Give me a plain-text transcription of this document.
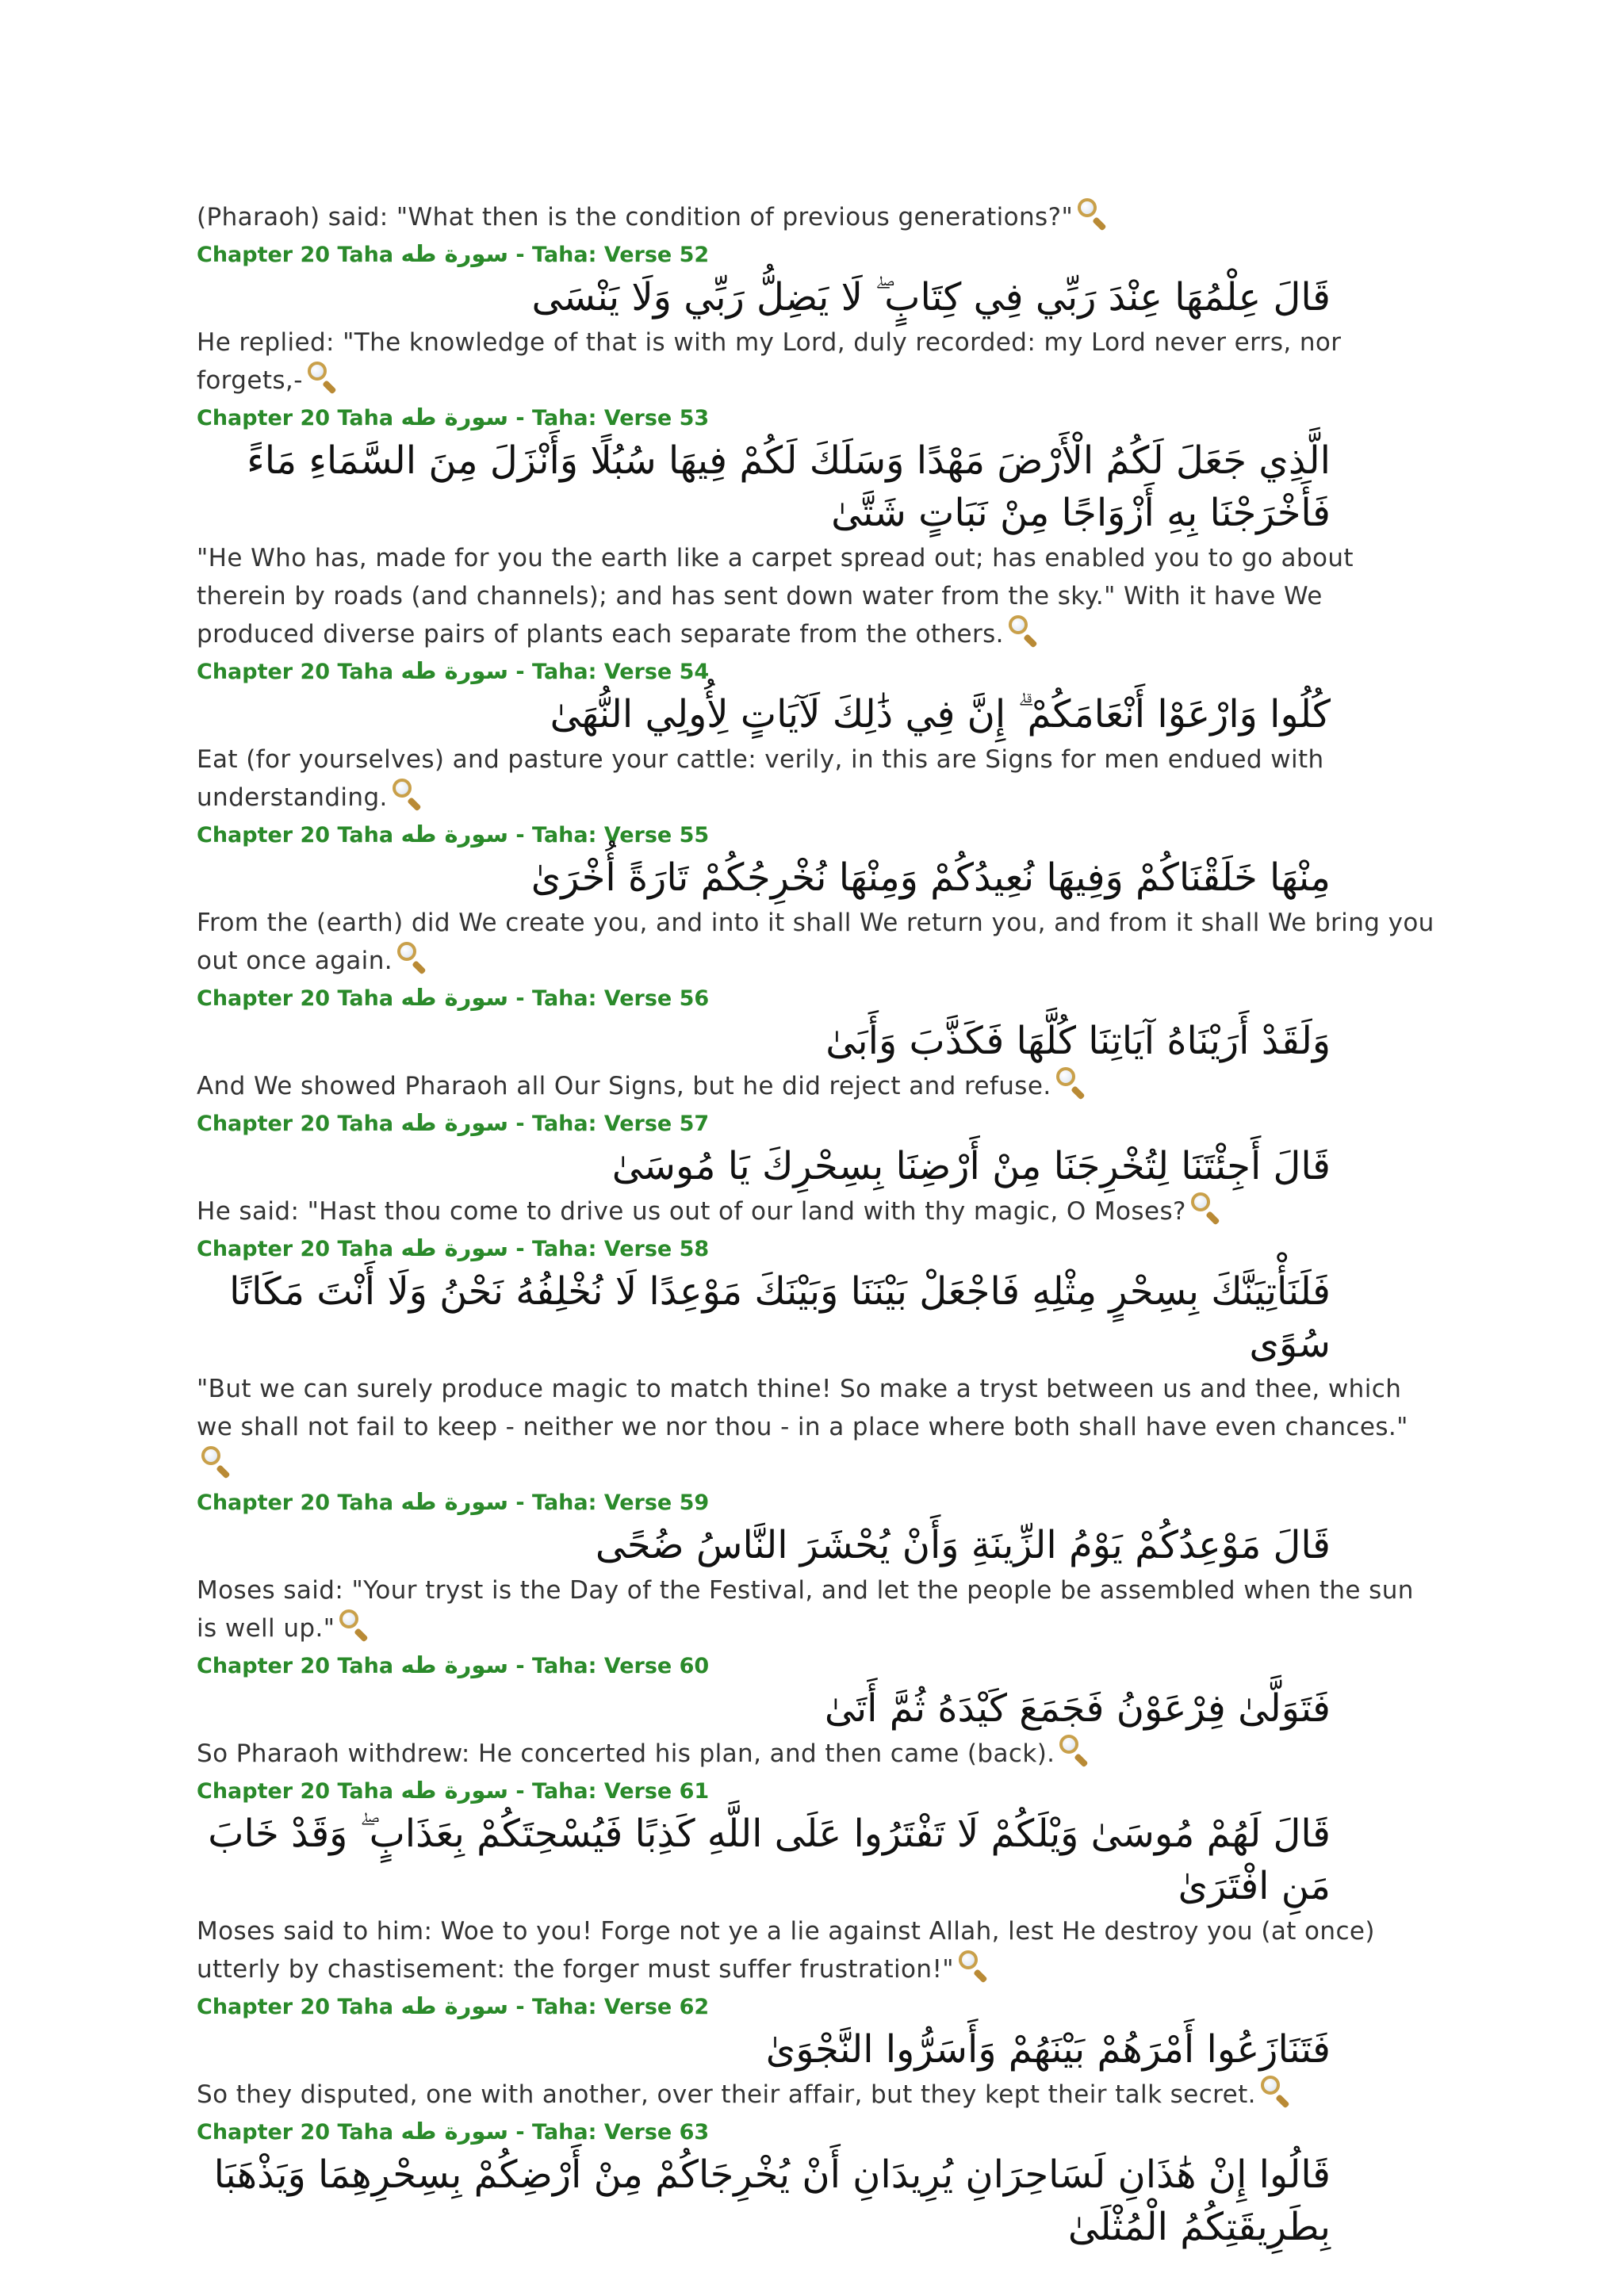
(Pharaoh) said: "What then is the condition of previous generations?"
Chapter 20 Taha سورة طه - Taha: Verse 52
قَالَ عِلْمُهَا عِنْدَ رَبِّي فِي كِتَابٍ ۖ لَا يَضِلُّ رَبِّي وَلَا يَنْسَى
He replied: "The knowledge of that is with my Lord, duly recorded: my Lord never errs, nor forgets,-
Chapter 20 Taha سورة طه - Taha: Verse 53
الَّذِي جَعَلَ لَكُمُ الْأَرْضَ مَهْدًا وَسَلَكَ لَكُمْ فِيهَا سُبُلًا وَأَنْزَلَ مِنَ السَّمَاءِ مَاءً فَأَخْرَجْنَا بِهِ أَزْوَاجًا مِنْ نَبَاتٍ شَتَّىٰ
"He Who has, made for you the earth like a carpet spread out; has enabled you to go about therein by roads (and channels); and has sent down water from the sky." With it have We produced diverse pairs of plants each separate from the others.
Chapter 20 Taha سورة طه - Taha: Verse 54
كُلُوا وَارْعَوْا أَنْعَامَكُمْ ۗ إِنَّ فِي ذَٰلِكَ لَآيَاتٍ لِأُولِي النُّهَىٰ
Eat (for yourselves) and pasture your cattle: verily, in this are Signs for men endued with understanding.
Chapter 20 Taha سورة طه - Taha: Verse 55
مِنْهَا خَلَقْنَاكُمْ وَفِيهَا نُعِيدُكُمْ وَمِنْهَا نُخْرِجُكُمْ تَارَةً أُخْرَىٰ
From the (earth) did We create you, and into it shall We return you, and from it shall We bring you out once again.
Chapter 20 Taha سورة طه - Taha: Verse 56
وَلَقَدْ أَرَيْنَاهُ آيَاتِنَا كُلَّهَا فَكَذَّبَ وَأَبَىٰ
And We showed Pharaoh all Our Signs, but he did reject and refuse.
Chapter 20 Taha سورة طه - Taha: Verse 57
قَالَ أَجِئْتَنَا لِتُخْرِجَنَا مِنْ أَرْضِنَا بِسِحْرِكَ يَا مُوسَىٰ
He said: "Hast thou come to drive us out of our land with thy magic, O Moses?
Chapter 20 Taha سورة طه - Taha: Verse 58
فَلَنَأْتِيَنَّكَ بِسِحْرٍ مِثْلِهِ فَاجْعَلْ بَيْنَنَا وَبَيْنَكَ مَوْعِدًا لَا نُخْلِفُهُ نَحْنُ وَلَا أَنْتَ مَكَانًا سُوًى
"But we can surely produce magic to match thine! So make a tryst between us and thee, which we shall not fail to keep - neither we nor thou - in a place where both shall have even chances."
Chapter 20 Taha سورة طه - Taha: Verse 59
قَالَ مَوْعِدُكُمْ يَوْمُ الزِّينَةِ وَأَنْ يُحْشَرَ النَّاسُ ضُحًى
Moses said: "Your tryst is the Day of the Festival, and let the people be assembled when the sun is well up."
Chapter 20 Taha سورة طه - Taha: Verse 60
فَتَوَلَّىٰ فِرْعَوْنُ فَجَمَعَ كَيْدَهُ ثُمَّ أَتَىٰ
So Pharaoh withdrew: He concerted his plan, and then came (back).
Chapter 20 Taha سورة طه - Taha: Verse 61
قَالَ لَهُمْ مُوسَىٰ وَيْلَكُمْ لَا تَفْتَرُوا عَلَى اللَّهِ كَذِبًا فَيُسْحِتَكُمْ بِعَذَابٍ ۖ وَقَدْ خَابَ مَنِ افْتَرَىٰ
Moses said to him: Woe to you! Forge not ye a lie against Allah, lest He destroy you (at once) utterly by chastisement: the forger must suffer frustration!"
Chapter 20 Taha سورة طه - Taha: Verse 62
فَتَنَازَعُوا أَمْرَهُمْ بَيْنَهُمْ وَأَسَرُّوا النَّجْوَىٰ
So they disputed, one with another, over their affair, but they kept their talk secret.
Chapter 20 Taha سورة طه - Taha: Verse 63
قَالُوا إِنْ هَٰذَانِ لَسَاحِرَانِ يُرِيدَانِ أَنْ يُخْرِجَاكُمْ مِنْ أَرْضِكُمْ بِسِحْرِهِمَا وَيَذْهَبَا بِطَرِيقَتِكُمُ الْمُثْلَىٰ
